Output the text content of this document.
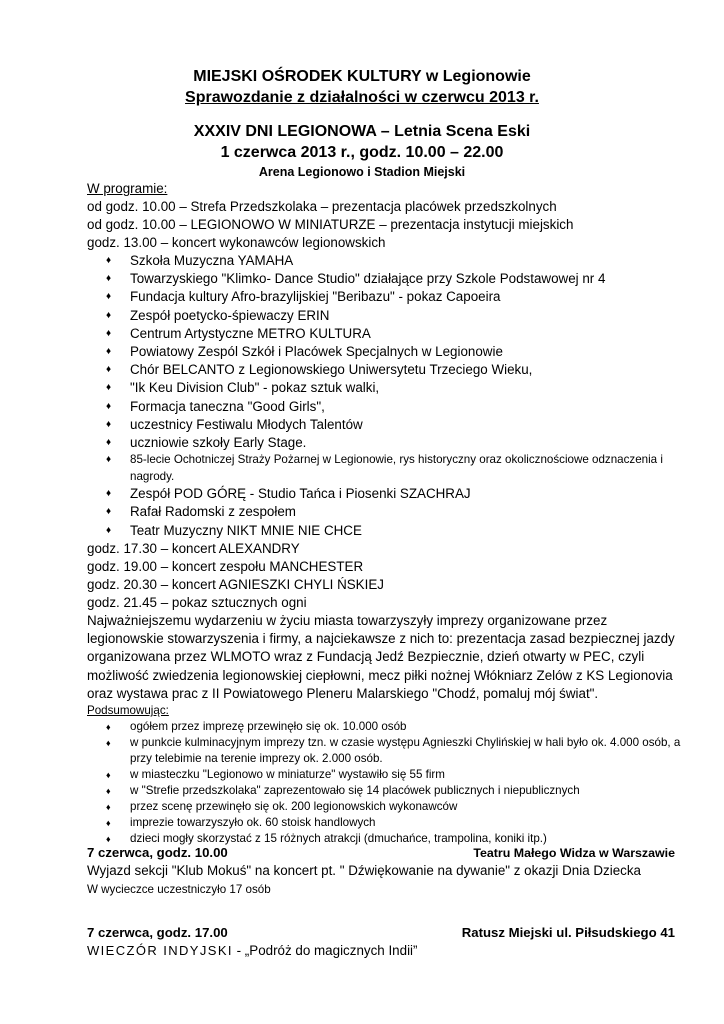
MIEJSKI OŚRODEK KULTURY w Legionowie
Sprawozdanie z działalności w czerwcu 2013 r.
XXXIV DNI LEGIONOWA – Letnia Scena Eski
1 czerwca 2013 r., godz. 10.00 – 22.00
Arena Legionowo i Stadion Miejski
W programie:
od godz. 10.00 – Strefa Przedszkolaka – prezentacja placówek przedszkolnych
od godz. 10.00 – LEGIONOWO W MINIATURZE – prezentacja instytucji miejskich
godz. 13.00 – koncert wykonawców legionowskich
♦ Szkoła Muzyczna YAMAHA
♦ Towarzyskiego "Klimko- Dance Studio" działające przy Szkole Podstawowej nr 4
♦ Fundacja kultury Afro-brazylijskiej "Beribazu" - pokaz Capoeira
♦ Zespół poetycko-śpiewaczy ERIN
♦ Centrum Artystyczne METRO KULTURA
♦ Powiatowy Zespól Szkół i Placówek Specjalnych w Legionowie
♦ Chór BELCANTO z Legionowskiego Uniwersytetu Trzeciego Wieku,
♦ "Ik Keu Division Club" - pokaz sztuk walki,
♦ Formacja taneczna "Good Girls",
♦ uczestnicy Festiwalu Młodych Talentów
♦ uczniowie szkoły Early Stage.
♦ 85-lecie Ochotniczej Straży Pożarnej w Legionowie, rys historyczny oraz okolicznościowe odznaczenia i nagrody.
♦ Zespół POD GÓRĘ - Studio Tańca i Piosenki SZACHRAJ
♦ Rafał Radomski z zespołem
♦ Teatr Muzyczny NIKT MNIE NIE CHCE
godz. 17.30 – koncert ALEXANDRY
godz. 19.00 – koncert zespołu MANCHESTER
godz. 20.30 – koncert AGNIESZKI CHYLI ŃSKIEJ
godz. 21.45 – pokaz sztucznych ogni
Najważniejszemu wydarzeniu w życiu miasta towarzyszyły imprezy organizowane przez legionowskie stowarzyszenia i firmy, a najciekawsze z nich to: prezentacja zasad bezpiecznej jazdy organizowana przez WLMOTO wraz z Fundacją Jedź Bezpiecznie, dzień otwarty w PEC, czyli możliwość zwiedzenia legionowskiej ciepłowni, mecz piłki nożnej Włókniarz Zelów z KS Legionovia oraz wystawa prac z II Powiatowego Pleneru Malarskiego "Chodź, pomaluj mój świat".
Podsumowując:
♦ ogółem przez imprezę przewinęło się ok. 10.000 osób
♦ w punkcie kulminacyjnym imprezy tzn. w czasie występu Agnieszki Chylińskiej w hali było ok. 4.000 osób, a przy telebimie na terenie imprezy ok. 2.000 osób.
♦ w miasteczku "Legionowo w miniaturze" wystawiło się 55 firm
♦ w "Strefie przedszkolaka" zaprezentowało się 14 placówek publicznych i niepublicznych
♦ przez scenę przewinęło się ok. 200 legionowskich wykonawców
♦ imprezie towarzyszyło ok. 60 stoisk handlowych
♦ dzieci mogły skorzystać z 15 różnych atrakcji (dmuchańce, trampolina, koniki itp.)
7 czerwca, godz. 10.00	Teatru Małego Widza w Warszawie
Wyjazd sekcji "Klub Mokuś" na koncert pt. " Dźwiękowanie na dywanie" z okazji Dnia Dziecka
W wycieczce uczestniczyło 17 osób
7 czerwca, godz. 17.00	Ratusz Miejski ul. Piłsudskiego 41
WIECZÓR INDYJSKI - „Podróż do magicznych Indii”
